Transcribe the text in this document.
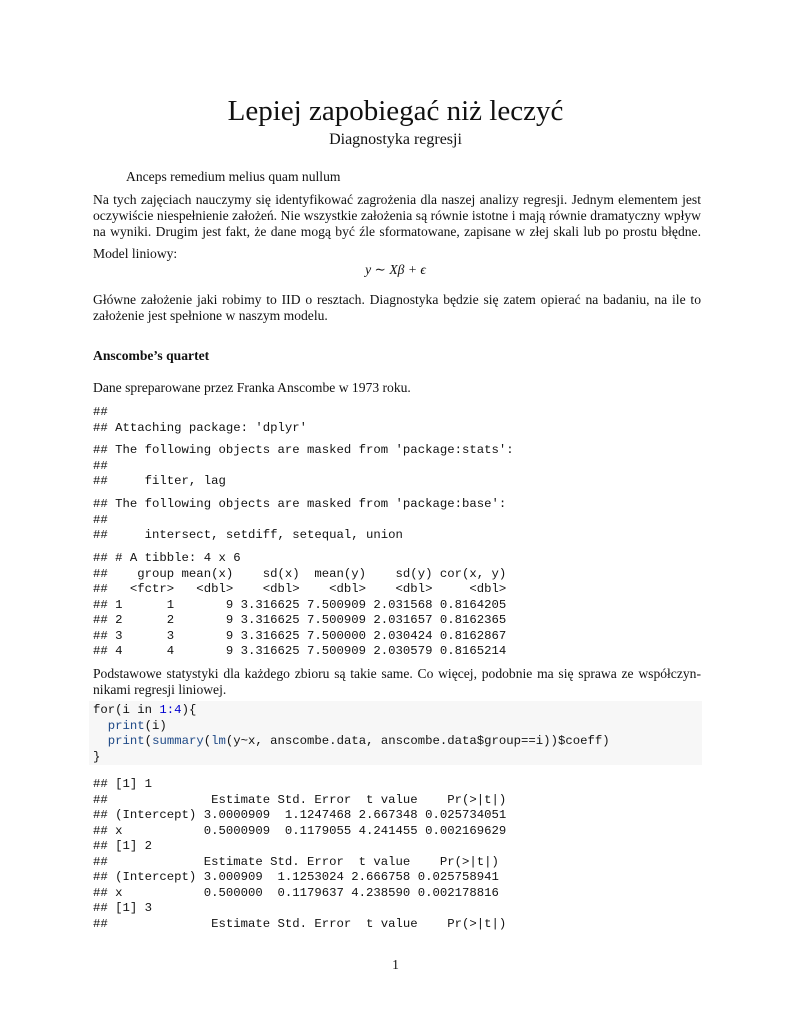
Lepiej zapobiegać niż leczyć
Diagnostyka regresji
Anceps remedium melius quam nullum
Na tych zajęciach nauczymy się identyfikować zagrożenia dla naszej analizy regresji. Jednym elementem jest
oczywiście niespełnienie założeń. Nie wszystkie założenia są równie istotne i mają równie dramatyczny wpływ
na wyniki. Drugim jest fakt, że dane mogą być źle sformatowane, zapisane w złej skali lub po prostu błędne.
Model liniowy:
y ∼ Xβ + ϵ
Główne założenie jaki robimy to IID o resztach. Diagnostyka będzie się zatem opierać na badaniu, na ile to
założenie jest spełnione w naszym modelu.
Anscombe’s quartet
Dane spreparowane przez Franka Anscombe w 1973 roku.
##
## Attaching package: 'dplyr'
## The following objects are masked from 'package:stats':
##
##     filter, lag
## The following objects are masked from 'package:base':
##
##     intersect, setdiff, setequal, union
## # A tibble: 4 x 6
##    group mean(x)    sd(x)  mean(y)    sd(y) cor(x, y)
##   <fctr>   <dbl>    <dbl>    <dbl>    <dbl>     <dbl>
## 1      1       9 3.316625 7.500909 2.031568 0.8164205
## 2      2       9 3.316625 7.500909 2.031657 0.8162365
## 3      3       9 3.316625 7.500000 2.030424 0.8162867
## 4      4       9 3.316625 7.500909 2.030579 0.8165214
Podstawowe statystyki dla każdego zbioru są takie same. Co więcej, podobnie ma się sprawa ze współczyn-
nikami regresji liniowej.
for(i in 1:4){
print(i)
print(summary(lm(y~x, anscombe.data, anscombe.data$group==i))$coeff)
}
## [1] 1
##              Estimate Std. Error  t value    Pr(>|t|)
## (Intercept) 3.0000909  1.1247468 2.667348 0.025734051
## x           0.5000909  0.1179055 4.241455 0.002169629
## [1] 2
##             Estimate Std. Error  t value    Pr(>|t|)
## (Intercept) 3.000909  1.1253024 2.666758 0.025758941
## x           0.500000  0.1179637 4.238590 0.002178816
## [1] 3
##              Estimate Std. Error  t value    Pr(>|t|)
1
